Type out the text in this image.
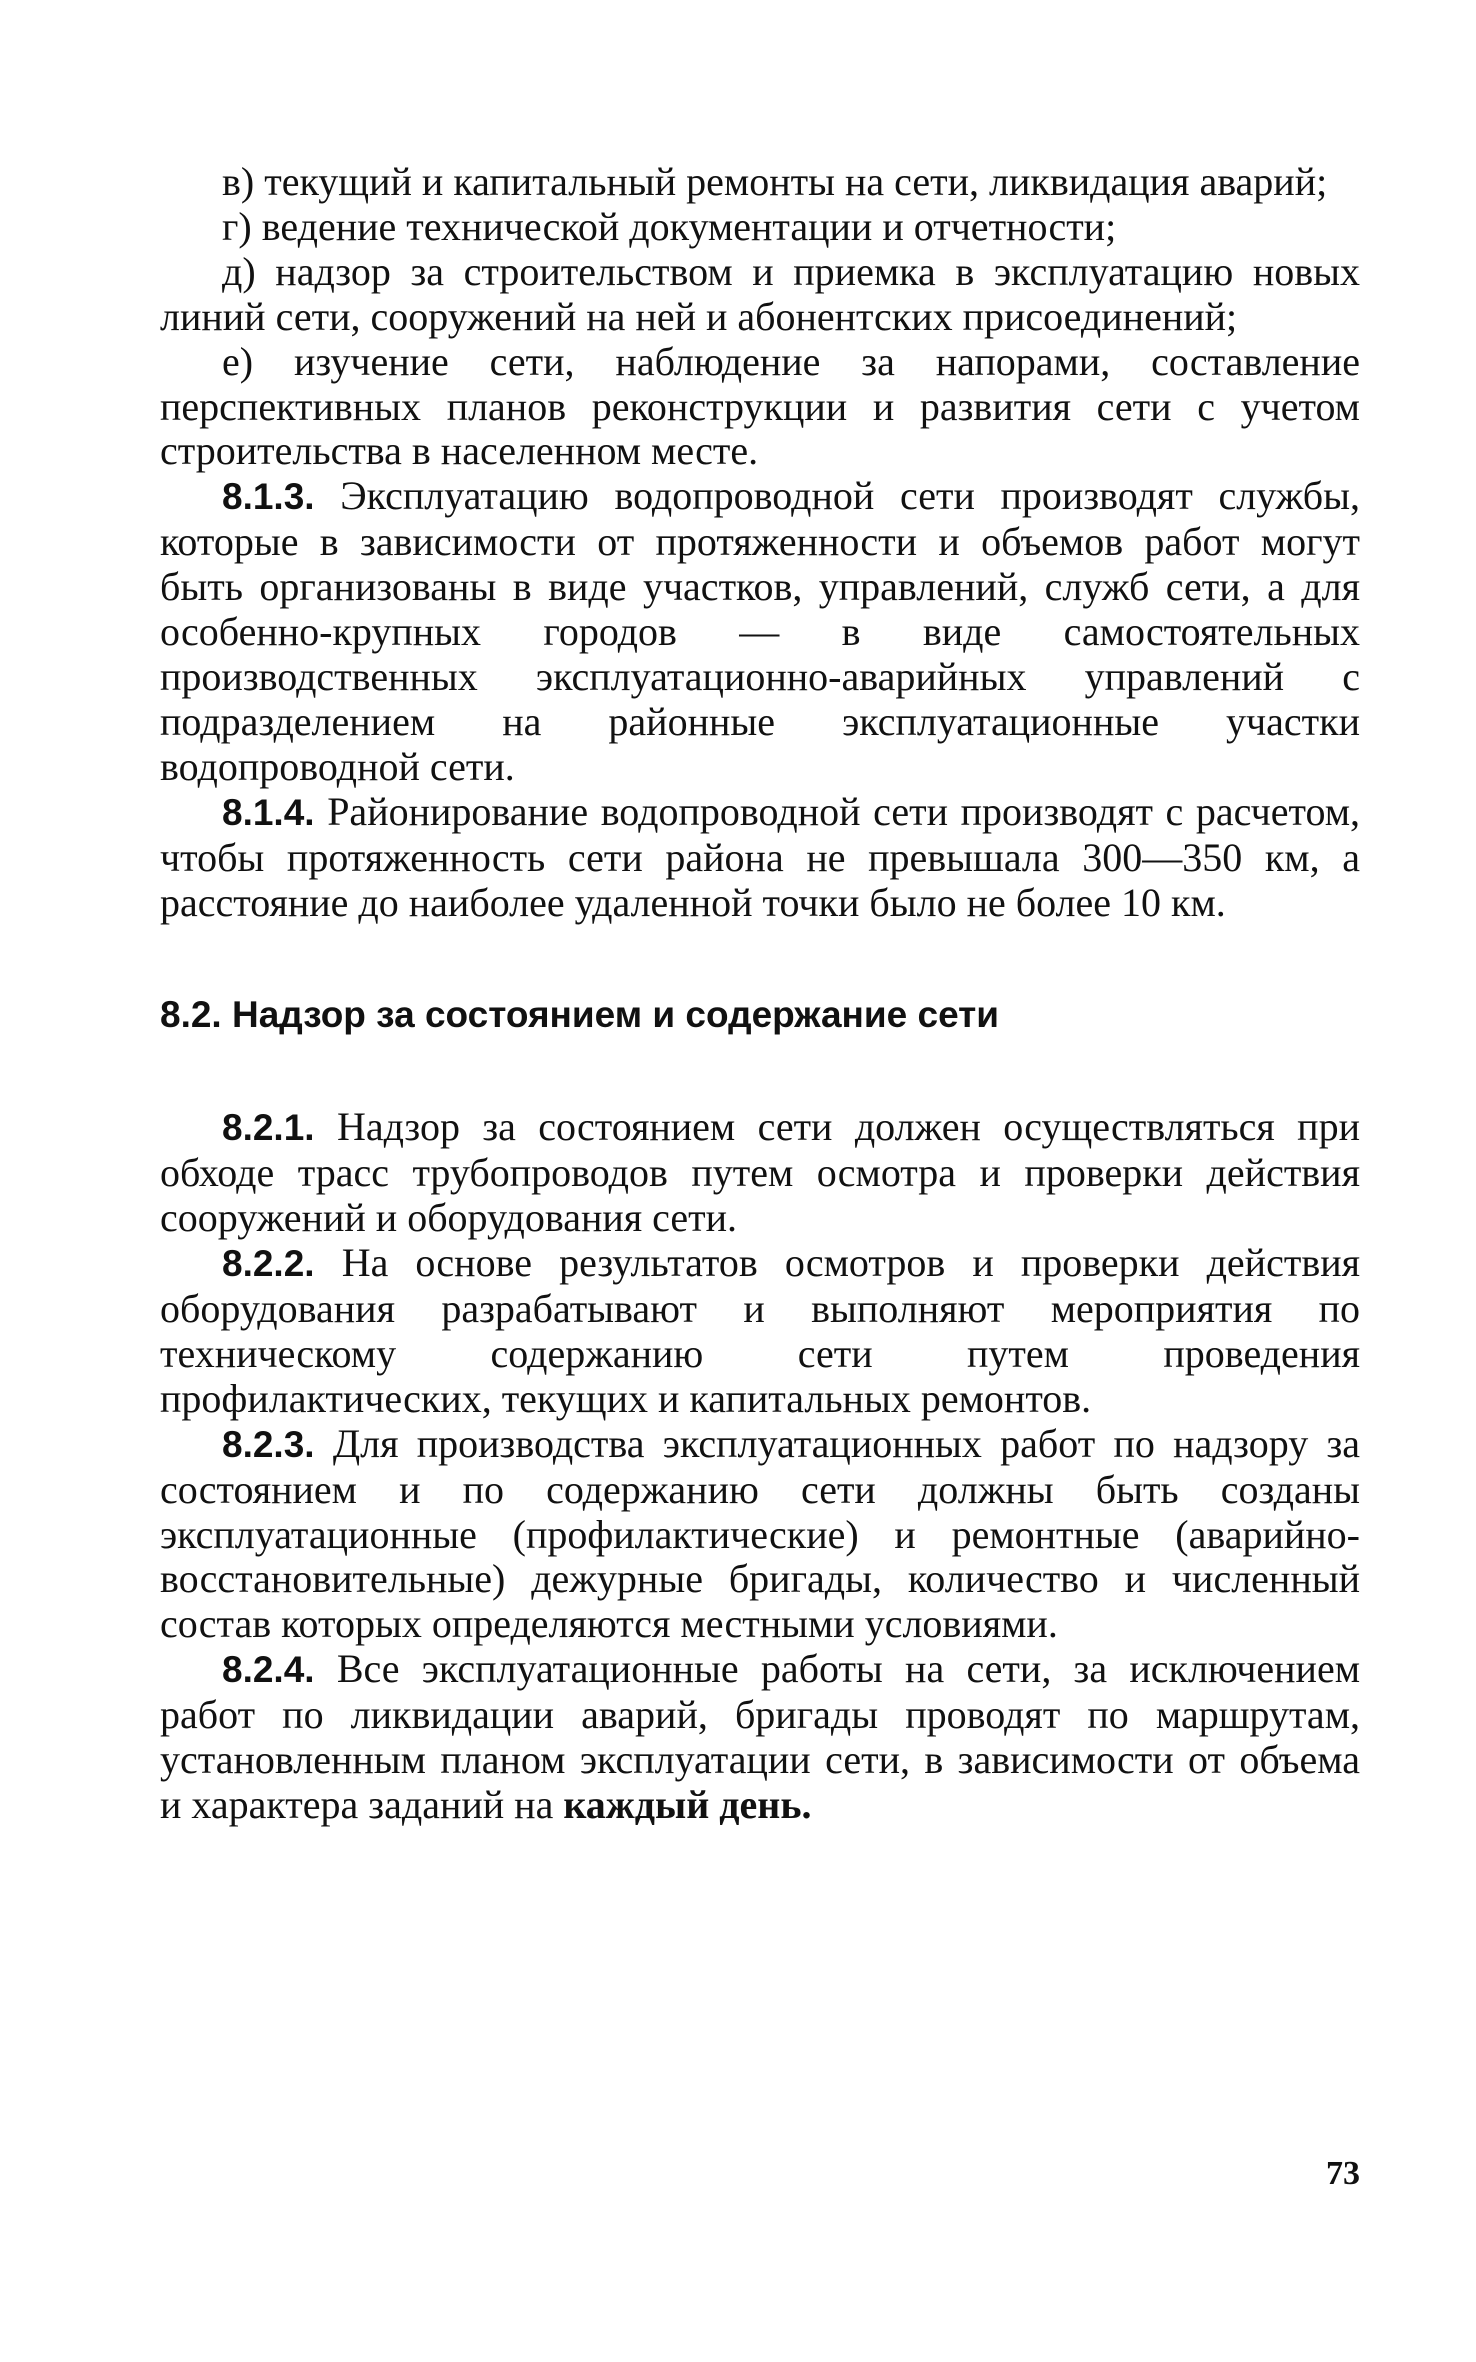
в) текущий и капитальный ремонты на сети, ликвидация аварий;

г) ведение технической документации и отчетности;

д) надзор за строительством и приемка в эксплуатацию новых линий сети, сооружений на ней и абонентских присоединений;

е) изучение сети, наблюдение за напорами, составление перспективных планов реконструкции и развития сети с учетом строительства в населенном месте.

8.1.3. Эксплуатацию водопроводной сети производят службы, которые в зависимости от протяженности и объемов работ могут быть организованы в виде участков, управлений, служб сети, а для особенно-крупных городов — в виде самостоятельных производственных эксплуатационно-аварийных управлений с подразделением на районные эксплуатационные участки водопроводной сети.

8.1.4. Районирование водопроводной сети производят с расчетом, чтобы протяженность сети района не превышала 300—350 км, а расстояние до наиболее удаленной точки было не более 10 км.

8.2. Надзор за состоянием и содержание сети

8.2.1. Надзор за состоянием сети должен осуществляться при обходе трасс трубопроводов путем осмотра и проверки действия сооружений и оборудования сети.

8.2.2. На основе результатов осмотров и проверки действия оборудования разрабатывают и выполняют мероприятия по техническому содержанию сети путем проведения профилактических, текущих и капитальных ремонтов.

8.2.3. Для производства эксплуатационных работ по надзору за состоянием и по содержанию сети должны быть созданы эксплуатационные (профилактические) и ремонтные (аварийно-восстановительные) дежурные бригады, количество и численный состав которых определяются местными условиями.

8.2.4. Все эксплуатационные работы на сети, за исключением работ по ликвидации аварий, бригады проводят по маршрутам, установленным планом эксплуатации сети, в зависимости от объема и характера заданий на каждый день.

73
